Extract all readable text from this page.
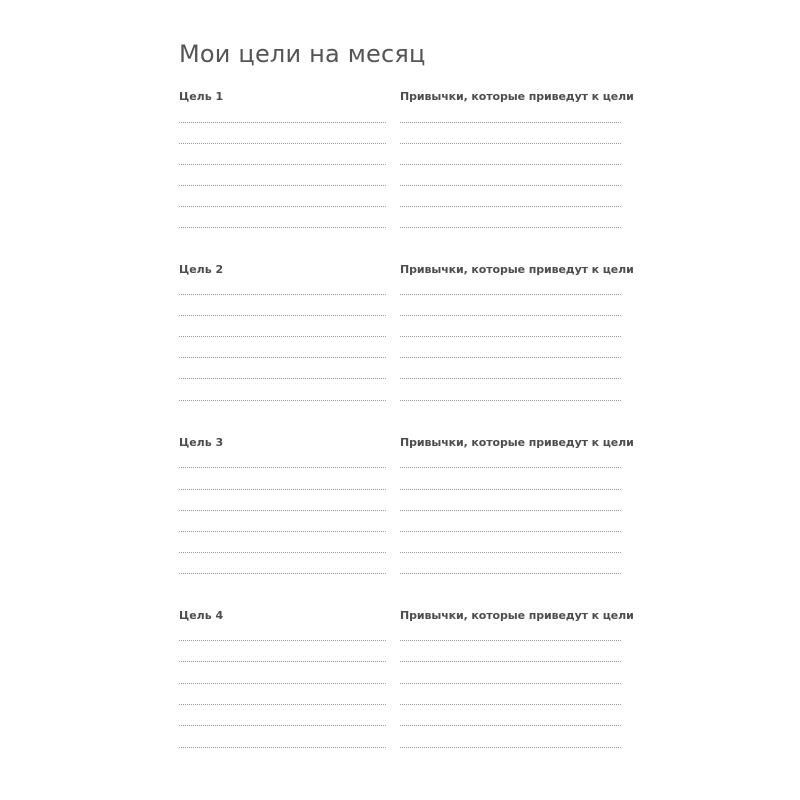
Мои цели на месяц
Цель 1	Привычки, которые приведут к цели
Цель 2	Привычки, которые приведут к цели
Цель 3	Привычки, которые приведут к цели
Цель 4	Привычки, которые приведут к цели
